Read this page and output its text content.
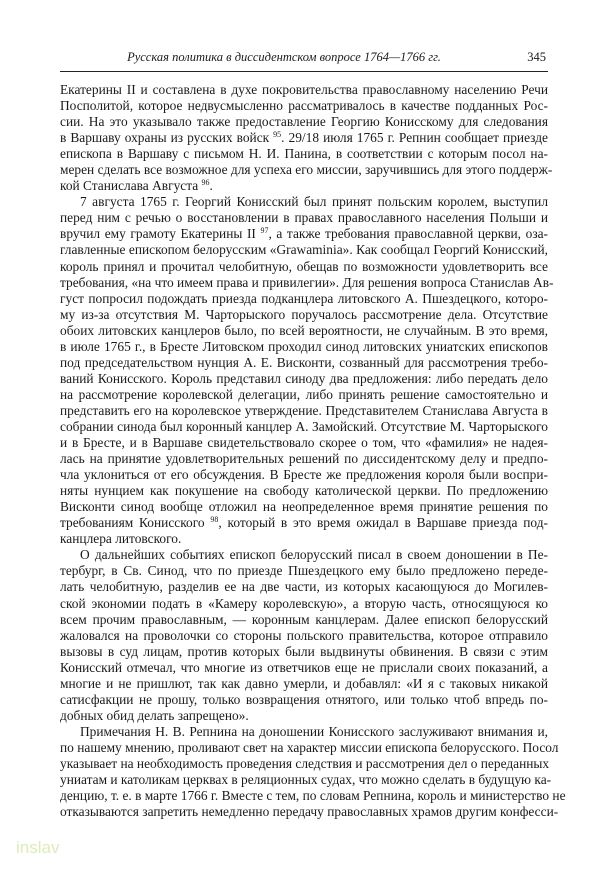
Русская политика в диссидентском вопросе 1764—1766 гг.	345
Екатерины II и составлена в духе покровительства православному населению Речи
Посполитой, которое недвусмысленно рассматривалось в качестве подданных Рос-
сии. На это указывало также предоставление Георгию Конисскому для следования
в Варшаву охраны из русских войск $^{95}$. 29/18 июля 1765 г. Репнин сообщает приезде
епископа в Варшаву с письмом Н. И. Панина, в соответствии с которым посол на-
мерен сделать все возможное для успеха его миссии, заручившись для этого поддерж-
кой Станислава Августа $^{96}$.
7 августа 1765 г. Георгий Конисский был принят польским королем, выступил
перед ним с речью о восстановлении в правах православного населения Польши и
вручил ему грамоту Екатерины II $^{97}$, а также требования православной церкви, оза-
главленные епископом белорусским «Grawaminia». Как сообщал Георгий Конисский,
король принял и прочитал челобитную, обещав по возможности удовлетворить все
требования, «на что имеем права и привилегии». Для решения вопроса Станислав Ав-
густ попросил подождать приезда подканцлера литовского А. Пшездецкого, которо-
му из-за отсутствия М. Чарторыского поручалось рассмотрение дела. Отсутствие
обоих литовских канцлеров было, по всей вероятности, не случайным. В это время,
в июле 1765 г., в Бресте Литовском проходил синод литовских униатских епископов
под председательством нунция А. Е. Висконти, созванный для рассмотрения требо-
ваний Конисского. Король представил синоду два предложения: либо передать дело
на рассмотрение королевской делегации, либо принять решение самостоятельно и
представить его на королевское утверждение. Представителем Станислава Августа в
собрании синода был коронный канцлер А. Замойский. Отсутствие М. Чарторыского
и в Бресте, и в Варшаве свидетельствовало скорее о том, что «фамилия» не надея-
лась на принятие удовлетворительных решений по диссидентскому делу и предпо-
чла уклониться от его обсуждения. В Бресте же предложения короля были воспри-
няты нунцием как покушение на свободу католической церкви. По предложению
Висконти синод вообще отложил на неопределенное время принятие решения по
требованиям Конисского $^{98}$, который в это время ожидал в Варшаве приезда под-
канцлера литовского.
О дальнейших событиях епископ белорусский писал в своем доношении в Пе-
тербург, в Св. Синод, что по приезде Пшездецкого ему было предложено переде-
лать челобитную, разделив ее на две части, из которых касающуюся до Могилев-
ской экономии подать в «Камеру королевскую», а вторую часть, относящуюся ко
всем прочим православным, — коронным канцлерам. Далее епископ белорусский
жаловался на проволочки со стороны польского правительства, которое отправило
вызовы в суд лицам, против которых были выдвинуты обвинения. В связи с этим
Конисский отмечал, что многие из ответчиков еще не прислали своих показаний, а
многие и не пришлют, так как давно умерли, и добавлял: «И я с таковых никакой
сатисфакции не прошу, только возвращения отнятого, или только чтоб впредь по-
добных обид делать запрещено».
Примечания Н. В. Репнина на доношении Конисского заслуживают внимания и,
по нашему мнению, проливают свет на характер миссии епископа белорусского. Посол
указывает на необходимость проведения следствия и рассмотрения дел о переданных
униатам и католикам церквах в реляционных судах, что можно сделать в будущую ка-
денцию, т. е. в марте 1766 г. Вместе с тем, по словам Репнина, король и министерство не
отказываются запретить немедленно передачу православных храмов другим конфесси-
inslav
